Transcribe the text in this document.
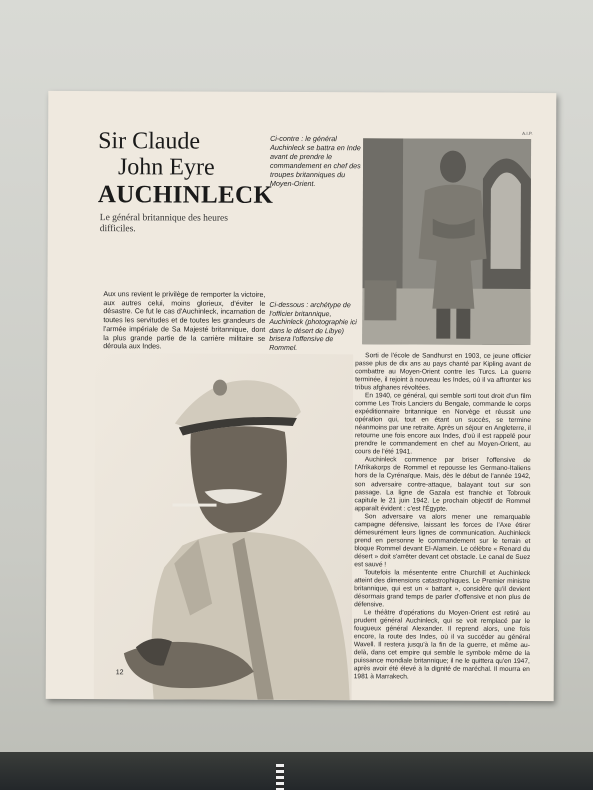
Sir Claude
John Eyre
AUCHINLECK
Le général britannique des heures difficiles.
Ci-contre : le général Auchinleck se battra en Inde avant de prendre le commandement en chef des troupes britanniques du Moyen-Orient.
A.I.P.
Ci-dessous : archétype de l'officier britannique, Auchinleck (photographie ici dans le désert de Libye) brisera l'offensive de Rommel.
Aux uns revient le privilège de remporter la victoire, aux autres celui, moins glorieux, d'éviter le désastre. Ce fut le cas d'Auchinleck, incarnation de toutes les servitudes et de toutes les grandeurs de l'armée impériale de Sa Majesté britannique, dont la plus grande partie de la carrière militaire se déroula aux Indes.

Sorti de l'école de Sandhurst en 1903, ce jeune officier passe plus de dix ans au pays chanté par Kipling avant de combattre au Moyen-Orient contre les Turcs. La guerre terminée, il rejoint à nouveau les Indes, où il va affronter les tribus afghanes révoltées.

En 1940, ce général, qui semble sorti tout droit d'un film comme Les Trois Lanciers du Bengale, commande le corps expéditionnaire britannique en Norvège et réussit une opération qui, tout en étant un succès, se termine néanmoins par une retraite. Après un séjour en Angleterre, il retourne une fois encore aux Indes, d'où il est rappelé pour prendre le commandement en chef au Moyen-Orient, au cours de l'été 1941.

Auchinleck commence par briser l'offensive de l'Afrikakorps de Rommel et repousse les Germano-Italiens hors de la Cyrénaïque. Mais, dès le début de l'année 1942, son adversaire contre-attaque, balayant tout sur son passage. La ligne de Gazala est franchie et Tobrouk capitule le 21 juin 1942. Le prochain objectif de Rommel apparaît évident : c'est l'Égypte.

Son adversaire va alors mener une remarquable campagne défensive, laissant les forces de l'Axe étirer démesurément leurs lignes de communication. Auchinleck prend en personne le commandement sur le terrain et bloque Rommel devant El-Alamein. Le célèbre « Renard du désert » doit s'arrêter devant cet obstacle. Le canal de Suez est sauvé !

Toutefois la mésentente entre Churchill et Auchinleck atteint des dimensions catastrophiques. Le Premier ministre britannique, qui est un « battant », considère qu'il devient désormais grand temps de parler d'offensive et non plus de défensive.

Le théâtre d'opérations du Moyen-Orient est retiré au prudent général Auchinleck, qui se voit remplacé par le fougueux général Alexander. Il reprend alors, une fois encore, la route des Indes, où il va succéder au général Wavell. Il restera jusqu'à la fin de la guerre, et même au-delà, dans cet empire qui semble le symbole même de la puissance mondiale britannique; il ne le quittera qu'en 1947, après avoir été élevé à la dignité de maréchal. Il mourra en 1981 à Marrakech.

12
